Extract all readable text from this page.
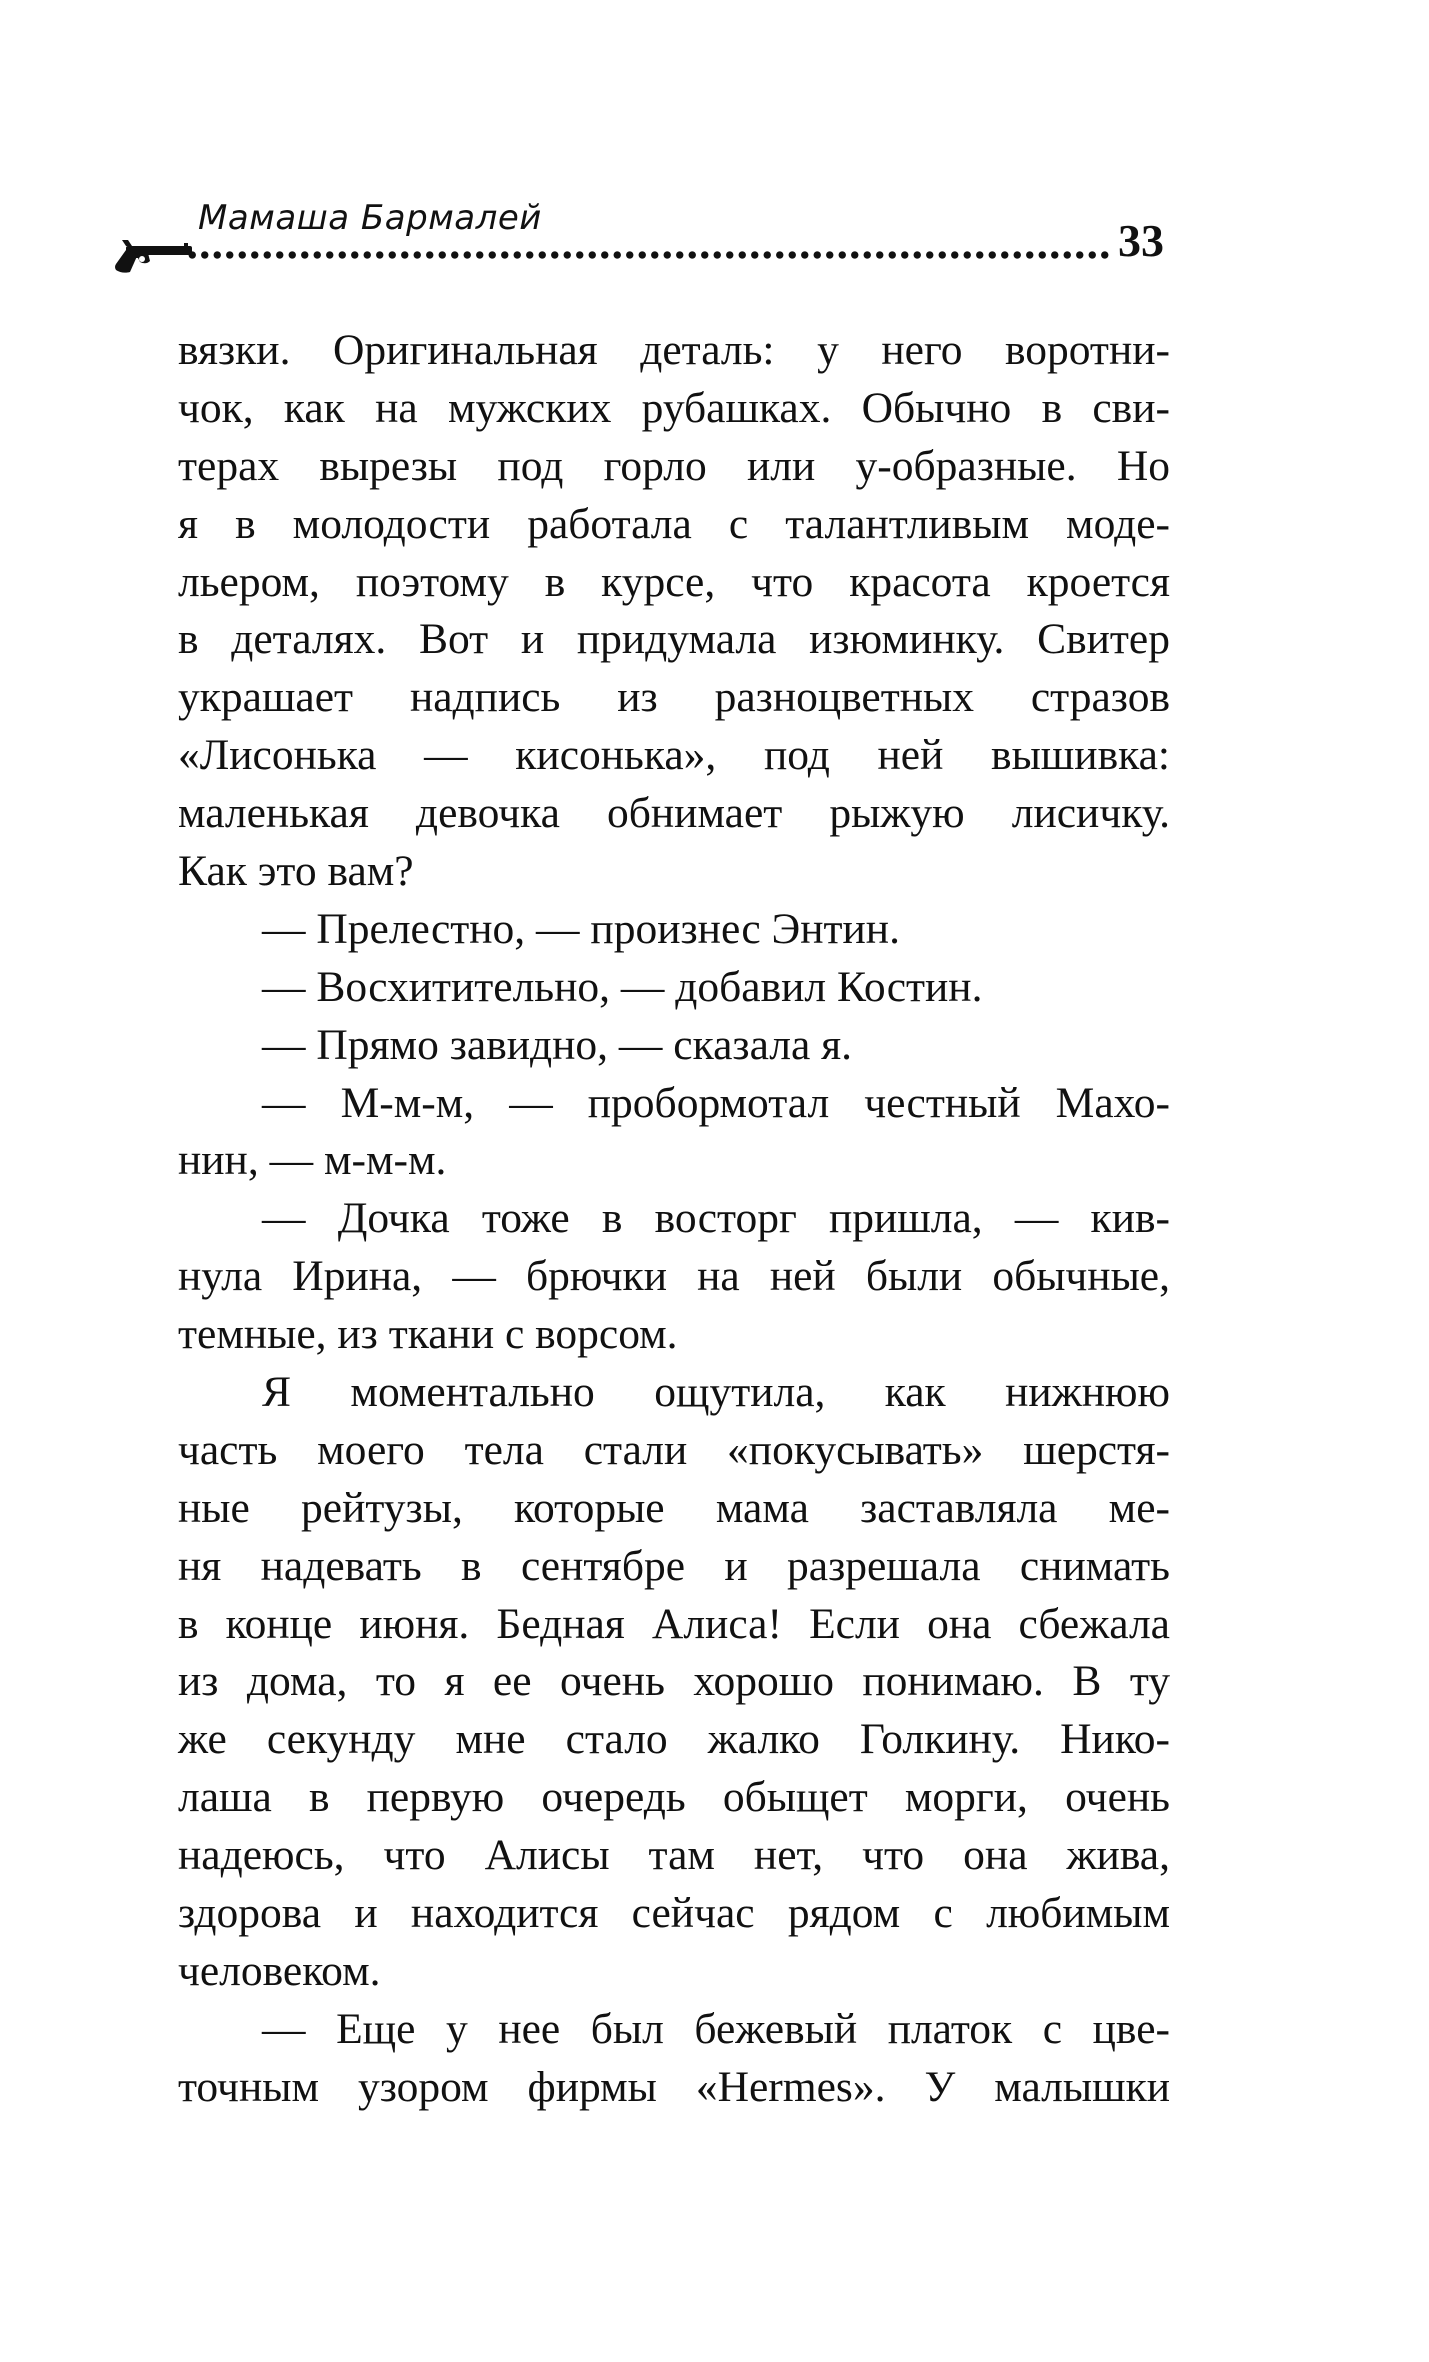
Мамаша Бармалей	33
вязки. Оригинальная деталь: у него воротни-
чок, как на мужских рубашках. Обычно в сви-
терах вырезы под горло или у-образные. Но
я в молодости работала с талантливым моде-
льером, поэтому в курсе, что красота кроется
в деталях. Вот и придумала изюминку. Свитер
украшает надпись из разноцветных стразов
«Лисонька — кисонька», под ней вышивка:
маленькая девочка обнимает рыжую лисичку.
Как это вам?
— Прелестно, — произнес Энтин.
— Восхитительно, — добавил Костин.
— Прямо завидно, — сказала я.
— М-м-м, — пробормотал честный Махо-
нин, — м-м-м.
— Дочка тоже в восторг пришла, — кив-
нула Ирина, — брючки на ней были обычные,
темные, из ткани с ворсом.
Я моментально ощутила, как нижнюю
часть моего тела стали «покусывать» шерстя-
ные рейтузы, которые мама заставляла ме-
ня надевать в сентябре и разрешала снимать
в конце июня. Бедная Алиса! Если она сбежала
из дома, то я ее очень хорошо понимаю. В ту
же секунду мне стало жалко Голкину. Нико-
лаша в первую очередь обыщет морги, очень
надеюсь, что Алисы там нет, что она жива,
здорова и находится сейчас рядом с любимым
человеком.
— Еще у нее был бежевый платок с цве-
точным узором фирмы «Hermes». У малышки
